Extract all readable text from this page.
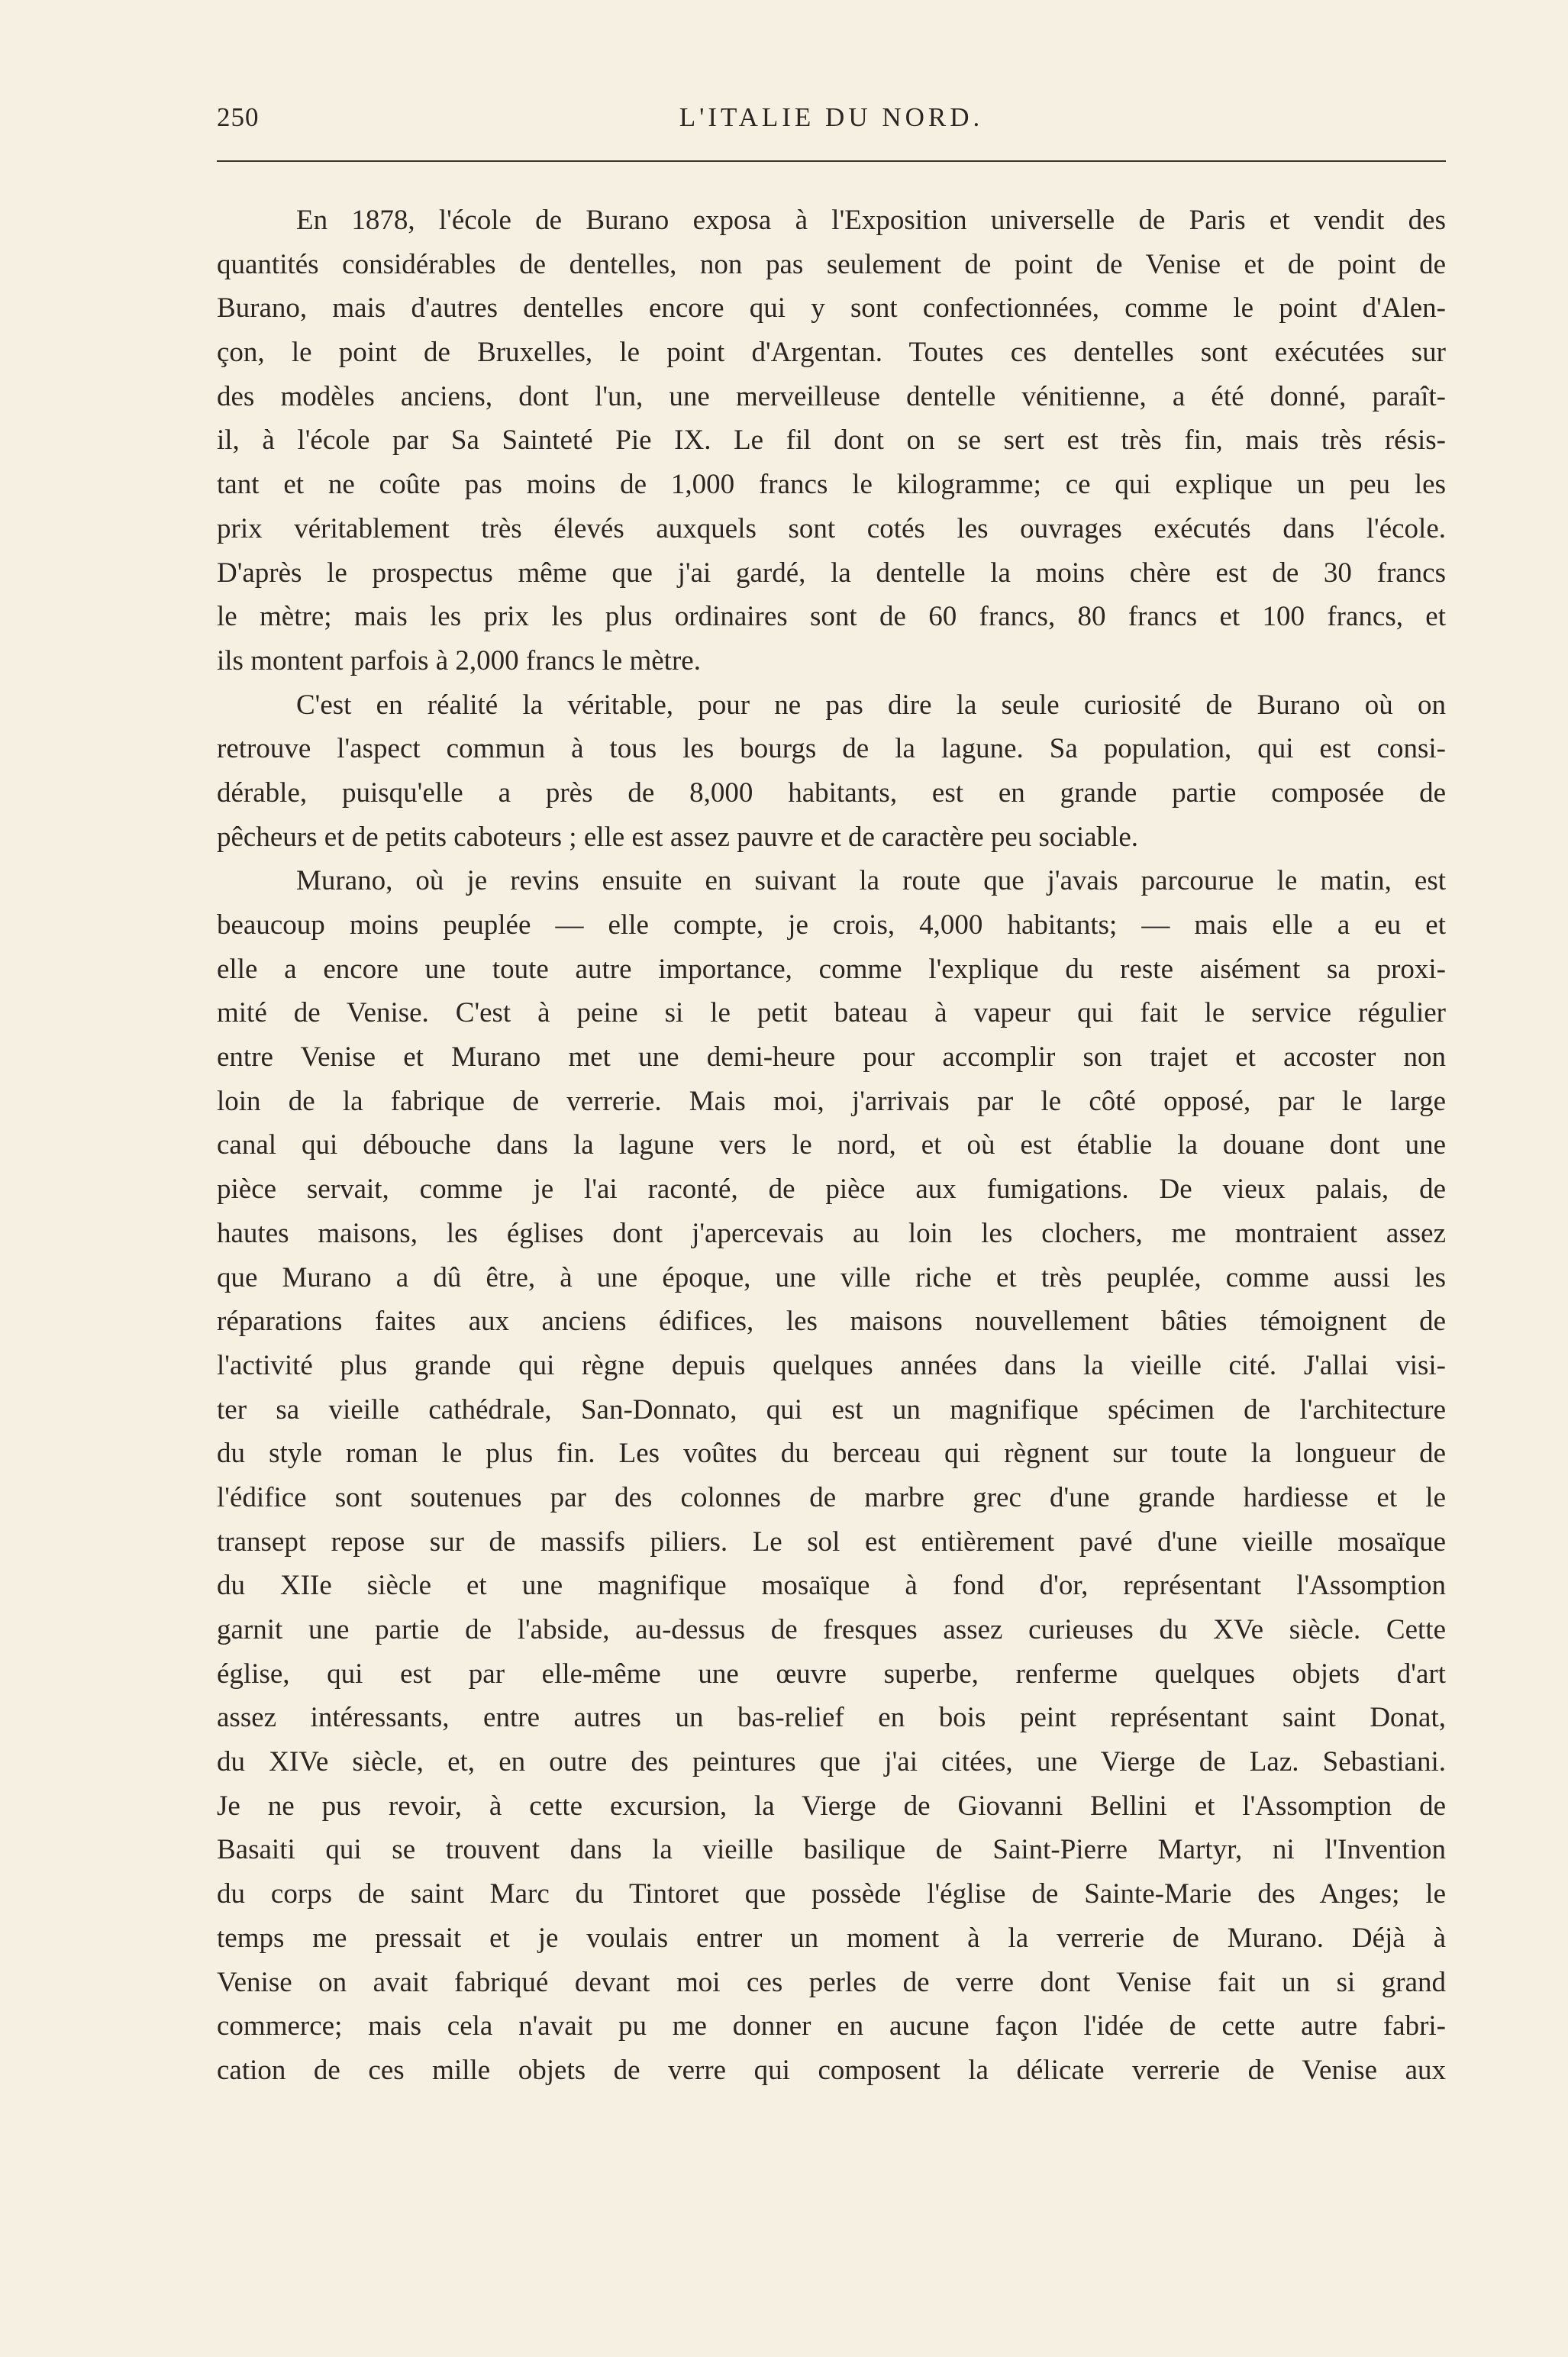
250	L'ITALIE DU NORD.
En 1878, l'école de Burano exposa à l'Exposition universelle de Paris et vendit des
quantités considérables de dentelles, non pas seulement de point de Venise et de point de
Burano, mais d'autres dentelles encore qui y sont confectionnées, comme le point d'Alen-
çon, le point de Bruxelles, le point d'Argentan. Toutes ces dentelles sont exécutées sur
des modèles anciens, dont l'un, une merveilleuse dentelle vénitienne, a été donné, paraît-
il, à l'école par Sa Sainteté Pie IX. Le fil dont on se sert est très fin, mais très résis-
tant et ne coûte pas moins de 1,000 francs le kilogramme; ce qui explique un peu les
prix véritablement très élevés auxquels sont cotés les ouvrages exécutés dans l'école.
D'après le prospectus même que j'ai gardé, la dentelle la moins chère est de 30 francs
le mètre; mais les prix les plus ordinaires sont de 60 francs, 80 francs et 100 francs, et
ils montent parfois à 2,000 francs le mètre.
C'est en réalité la véritable, pour ne pas dire la seule curiosité de Burano où on
retrouve l'aspect commun à tous les bourgs de la lagune. Sa population, qui est consi-
dérable, puisqu'elle a près de 8,000 habitants, est en grande partie composée de
pêcheurs et de petits caboteurs ; elle est assez pauvre et de caractère peu sociable.
Murano, où je revins ensuite en suivant la route que j'avais parcourue le matin, est
beaucoup moins peuplée — elle compte, je crois, 4,000 habitants; — mais elle a eu et
elle a encore une toute autre importance, comme l'explique du reste aisément sa proxi-
mité de Venise. C'est à peine si le petit bateau à vapeur qui fait le service régulier
entre Venise et Murano met une demi-heure pour accomplir son trajet et accoster non
loin de la fabrique de verrerie. Mais moi, j'arrivais par le côté opposé, par le large
canal qui débouche dans la lagune vers le nord, et où est établie la douane dont une
pièce servait, comme je l'ai raconté, de pièce aux fumigations. De vieux palais, de
hautes maisons, les églises dont j'apercevais au loin les clochers, me montraient assez
que Murano a dû être, à une époque, une ville riche et très peuplée, comme aussi les
réparations faites aux anciens édifices, les maisons nouvellement bâties témoignent de
l'activité plus grande qui règne depuis quelques années dans la vieille cité. J'allai visi-
ter sa vieille cathédrale, San-Donnato, qui est un magnifique spécimen de l'architecture
du style roman le plus fin. Les voûtes du berceau qui règnent sur toute la longueur de
l'édifice sont soutenues par des colonnes de marbre grec d'une grande hardiesse et le
transept repose sur de massifs piliers. Le sol est entièrement pavé d'une vieille mosaïque
du XIIe siècle et une magnifique mosaïque à fond d'or, représentant l'Assomption
garnit une partie de l'abside, au-dessus de fresques assez curieuses du XVe siècle. Cette
église, qui est par elle-même une œuvre superbe, renferme quelques objets d'art
assez intéressants, entre autres un bas-relief en bois peint représentant saint Donat,
du XIVe siècle, et, en outre des peintures que j'ai citées, une Vierge de Laz. Sebastiani.
Je ne pus revoir, à cette excursion, la Vierge de Giovanni Bellini et l'Assomption de
Basaiti qui se trouvent dans la vieille basilique de Saint-Pierre Martyr, ni l'Invention
du corps de saint Marc du Tintoret que possède l'église de Sainte-Marie des Anges; le
temps me pressait et je voulais entrer un moment à la verrerie de Murano. Déjà à
Venise on avait fabriqué devant moi ces perles de verre dont Venise fait un si grand
commerce; mais cela n'avait pu me donner en aucune façon l'idée de cette autre fabri-
cation de ces mille objets de verre qui composent la délicate verrerie de Venise aux
